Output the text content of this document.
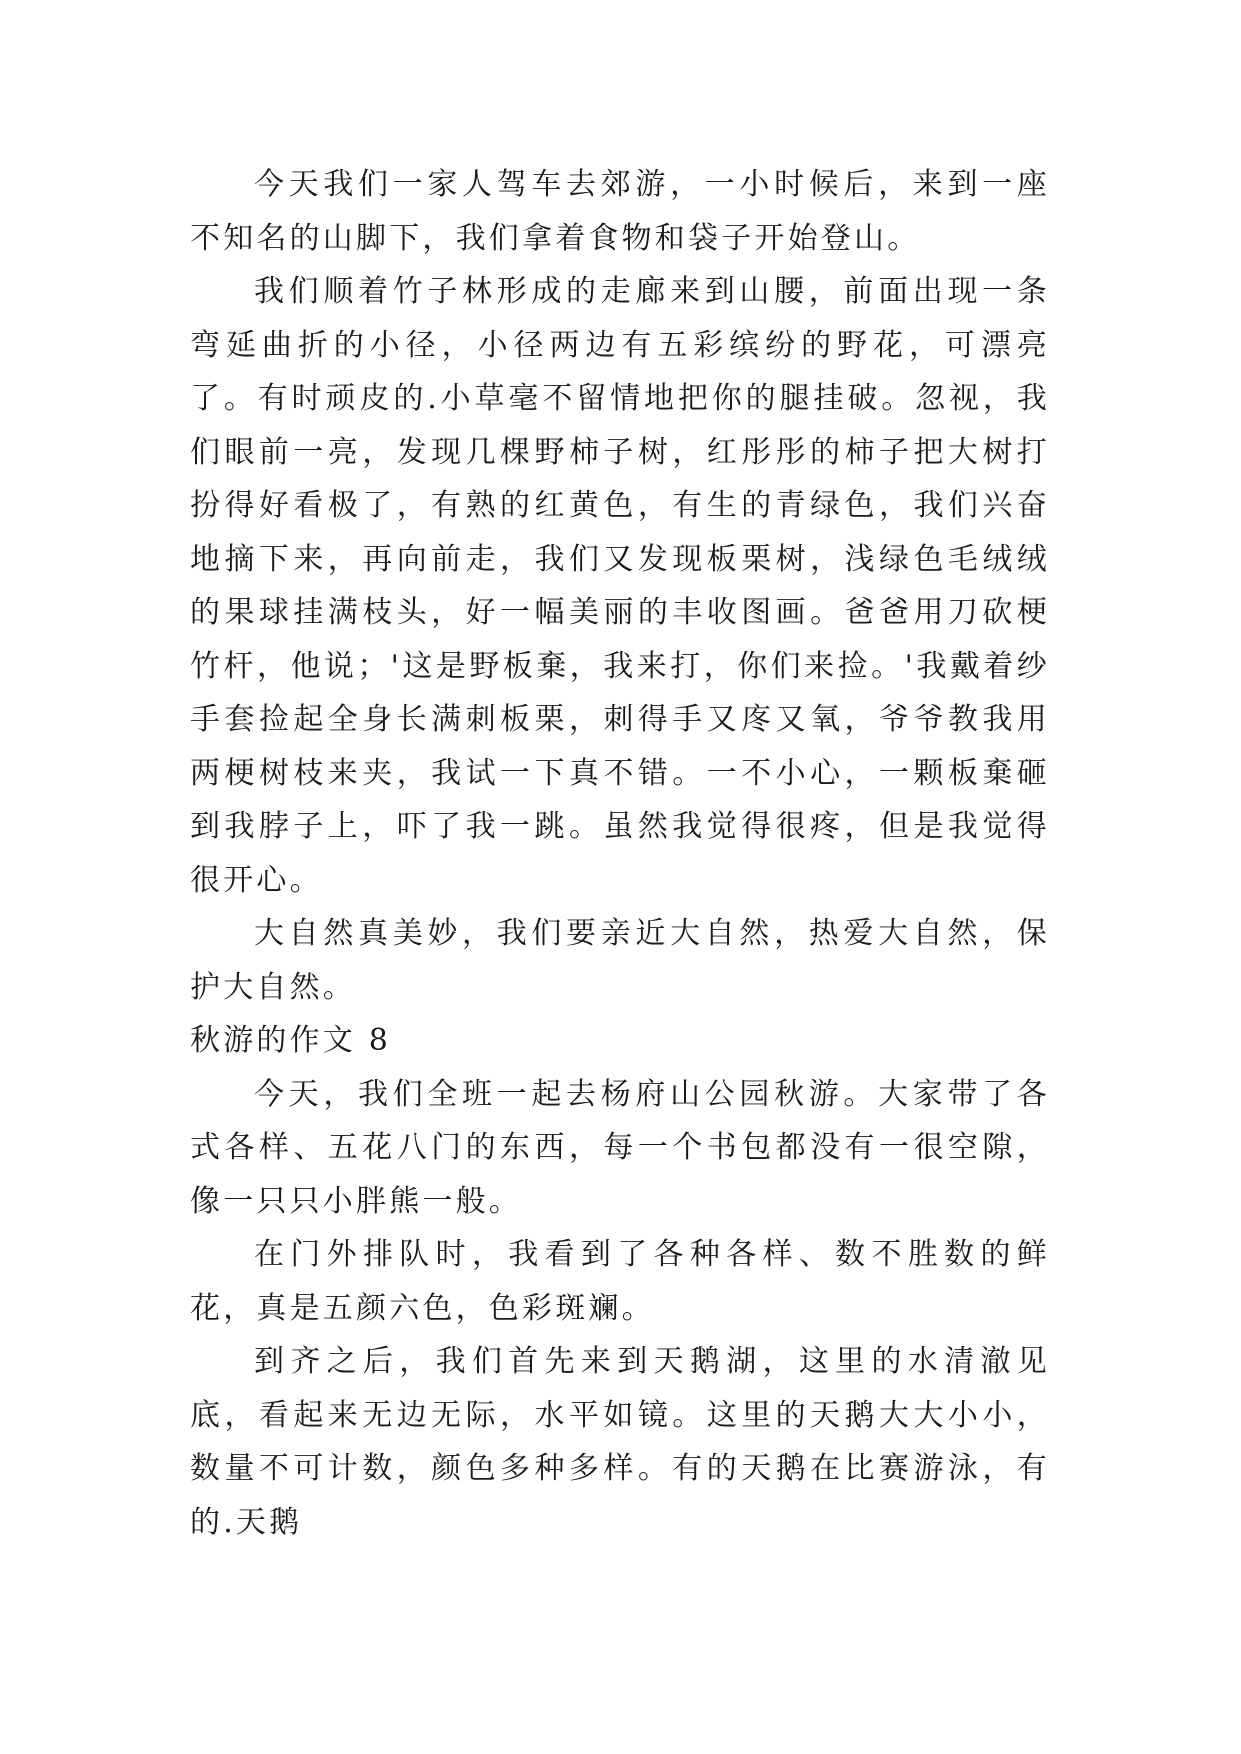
今天我们一家人驾车去郊游，一小时候后，来到一座不知名的山脚下，我们拿着食物和袋子开始登山。

我们顺着竹子林形成的走廊来到山腰，前面出现一条弯延曲折的小径，小径两边有五彩缤纷的野花，可漂亮了。有时顽皮的.小草毫不留情地把你的腿挂破。忽视，我们眼前一亮，发现几棵野柿子树，红彤彤的柿子把大树打扮得好看极了，有熟的红黄色，有生的青绿色，我们兴奋地摘下来，再向前走，我们又发现板栗树，浅绿色毛绒绒的果球挂满枝头，好一幅美丽的丰收图画。爸爸用刀砍梗竹杆，他说；'这是野板棄，我来打，你们来捡。'我戴着纱手套捡起全身长满刺板栗，刺得手又庝又氧，爷爷教我用两梗树枝来夹，我试一下真不错。一不小心，一颗板棄砸到我脖子上，吓了我一跳。虽然我觉得很疼，但是我觉得很开心。

大自然真美妙，我们要亲近大自然，热爱大自然，保护大自然。

秋游的作文 8

今天，我们全班一起去杨府山公园秋游。大家带了各式各样、五花八门的东西，每一个书包都没有一很空隙，像一只只小胖熊一般。

在门外排队时，我看到了各种各样、数不胜数的鲜花，真是五颜六色，色彩斑斓。

到齐之后，我们首先来到天鹅湖，这里的水清澈见底，看起来无边无际，水平如镜。这里的天鹅大大小小，数量不可计数，颜色多种多样。有的天鹅在比赛游泳，有的.天鹅
